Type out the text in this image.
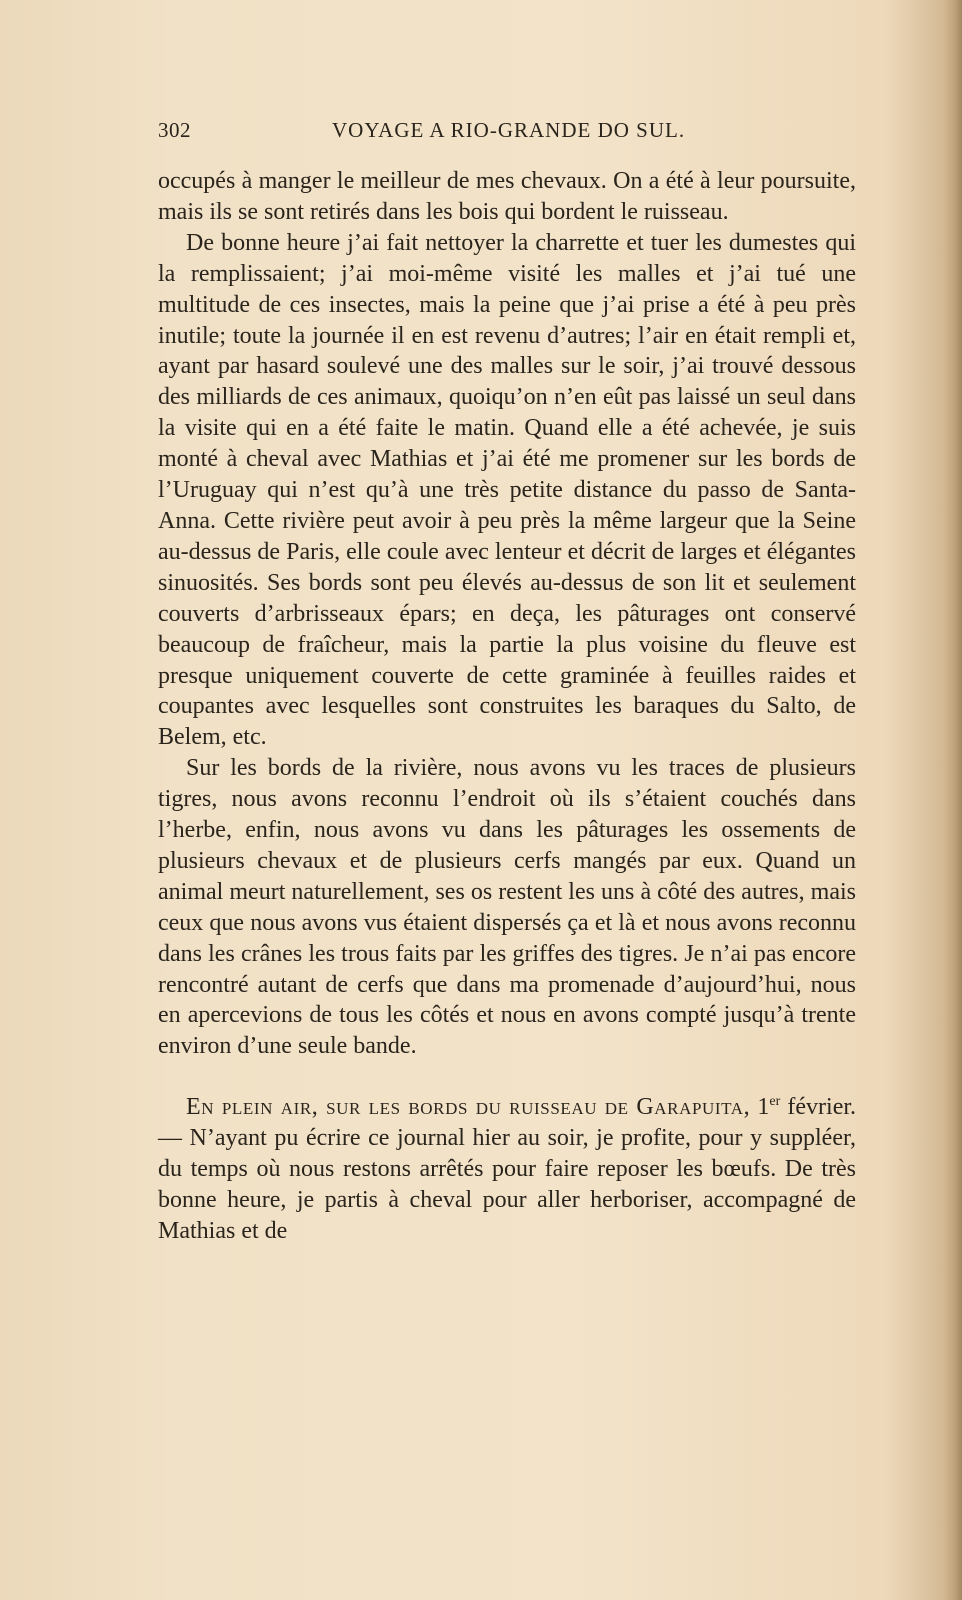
302	VOYAGE A RIO-GRANDE DO SUL.

occupés à manger le meilleur de mes chevaux. On a été à leur poursuite, mais ils se sont retirés dans les bois qui bordent le ruisseau.

De bonne heure j’ai fait nettoyer la charrette et tuer les dumestes qui la remplissaient; j’ai moi-même visité les malles et j’ai tué une multitude de ces insectes, mais la peine que j’ai prise a été à peu près inutile; toute la journée il en est revenu d’autres; l’air en était rempli et, ayant par hasard soulevé une des malles sur le soir, j’ai trouvé dessous des milliards de ces animaux, quoiqu’on n’en eût pas laissé un seul dans la visite qui en a été faite le matin. Quand elle a été achevée, je suis monté à cheval avec Mathias et j’ai été me promener sur les bords de l’Uruguay qui n’est qu’à une très petite distance du passo de Santa-Anna. Cette rivière peut avoir à peu près la même largeur que la Seine au-dessus de Paris, elle coule avec lenteur et décrit de larges et élégantes sinuosités. Ses bords sont peu élevés au-dessus de son lit et seulement couverts d’arbrisseaux épars; en deça, les pâturages ont conservé beaucoup de fraîcheur, mais la partie la plus voisine du fleuve est presque uniquement couverte de cette graminée à feuilles raides et coupantes avec lesquelles sont construites les baraques du Salto, de Belem, etc.

Sur les bords de la rivière, nous avons vu les traces de plusieurs tigres, nous avons reconnu l’endroit où ils s’étaient couchés dans l’herbe, enfin, nous avons vu dans les pâturages les ossements de plusieurs chevaux et de plusieurs cerfs mangés par eux. Quand un animal meurt naturellement, ses os restent les uns à côté des autres, mais ceux que nous avons vus étaient dispersés ça et là et nous avons reconnu dans les crânes les trous faits par les griffes des tigres. Je n’ai pas encore rencontré autant de cerfs que dans ma promenade d’aujourd’hui, nous en apercevions de tous les côtés et nous en avons compté jusqu’à trente environ d’une seule bande.

En plein air, sur les bords du ruisseau de Garapuita, 1er février. — N’ayant pu écrire ce journal hier au soir, je profite, pour y suppléer, du temps où nous restons arrêtés pour faire reposer les bœufs. De très bonne heure, je partis à cheval pour aller herboriser, accompagné de Mathias et de
